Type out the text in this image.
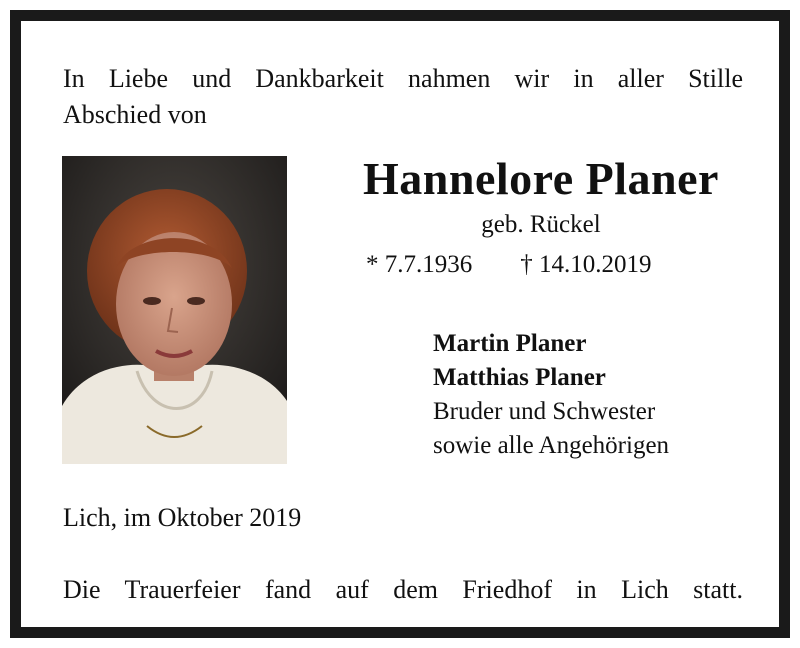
In Liebe und Dankbarkeit nahmen wir in aller Stille
Abschied von
Hannelore Planer
geb. Rückel
* 7.7.1936 † 14.10.2019
Martin Planer
Matthias Planer
Bruder und Schwester
sowie alle Angehörigen
Lich, im Oktober 2019
Die Trauerfeier fand auf dem Friedhof in Lich statt.
